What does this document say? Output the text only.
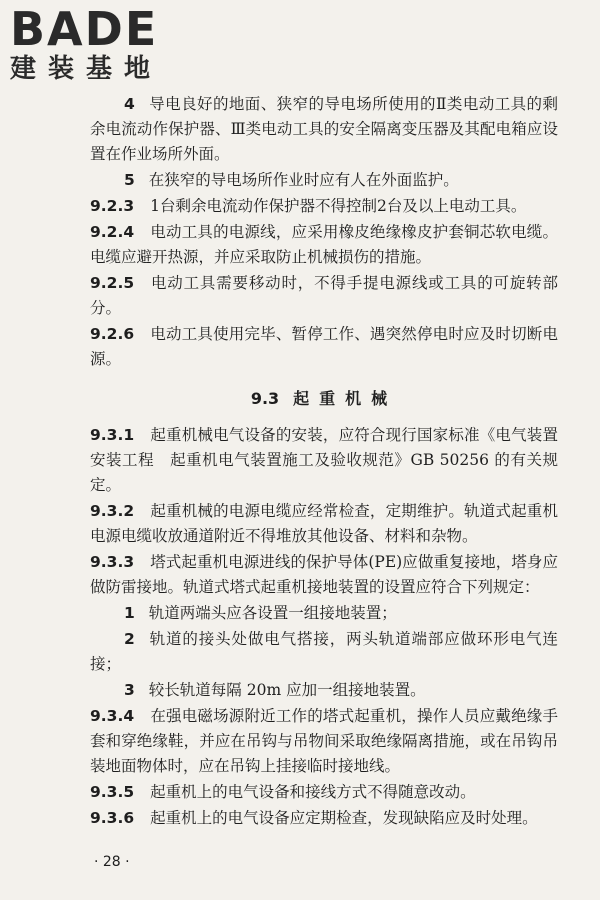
BADE
建装基地
4 导电良好的地面、狭窄的导电场所使用的Ⅱ类电动工具的剩余电流动作保护器、Ⅲ类电动工具的安全隔离变压器及其配电箱应设置在作业场所外面。
5 在狭窄的导电场所作业时应有人在外面监护。
9.2.3 1台剩余电流动作保护器不得控制2台及以上电动工具。
9.2.4 电动工具的电源线，应采用橡皮绝缘橡皮护套铜芯软电缆。电缆应避开热源，并应采取防止机械损伤的措施。
9.2.5 电动工具需要移动时，不得手提电源线或工具的可旋转部分。
9.2.6 电动工具使用完毕、暂停工作、遇突然停电时应及时切断电源。
9.3 起重机械
9.3.1 起重机械电气设备的安装，应符合现行国家标准《电气装置安装工程　起重机电气装置施工及验收规范》GB 50256 的有关规定。
9.3.2 起重机械的电源电缆应经常检查，定期维护。轨道式起重机电源电缆收放通道附近不得堆放其他设备、材料和杂物。
9.3.3 塔式起重机电源进线的保护导体(PE)应做重复接地，塔身应做防雷接地。轨道式塔式起重机接地装置的设置应符合下列规定：
1 轨道两端头应各设置一组接地装置；
2 轨道的接头处做电气搭接，两头轨道端部应做环形电气连接；
3 较长轨道每隔 20m 应加一组接地装置。
9.3.4 在强电磁场源附近工作的塔式起重机，操作人员应戴绝缘手套和穿绝缘鞋，并应在吊钩与吊物间采取绝缘隔离措施，或在吊钩吊装地面物体时，应在吊钩上挂接临时接地线。
9.3.5 起重机上的电气设备和接线方式不得随意改动。
9.3.6 起重机上的电气设备应定期检查，发现缺陷应及时处理。
· 28 ·
